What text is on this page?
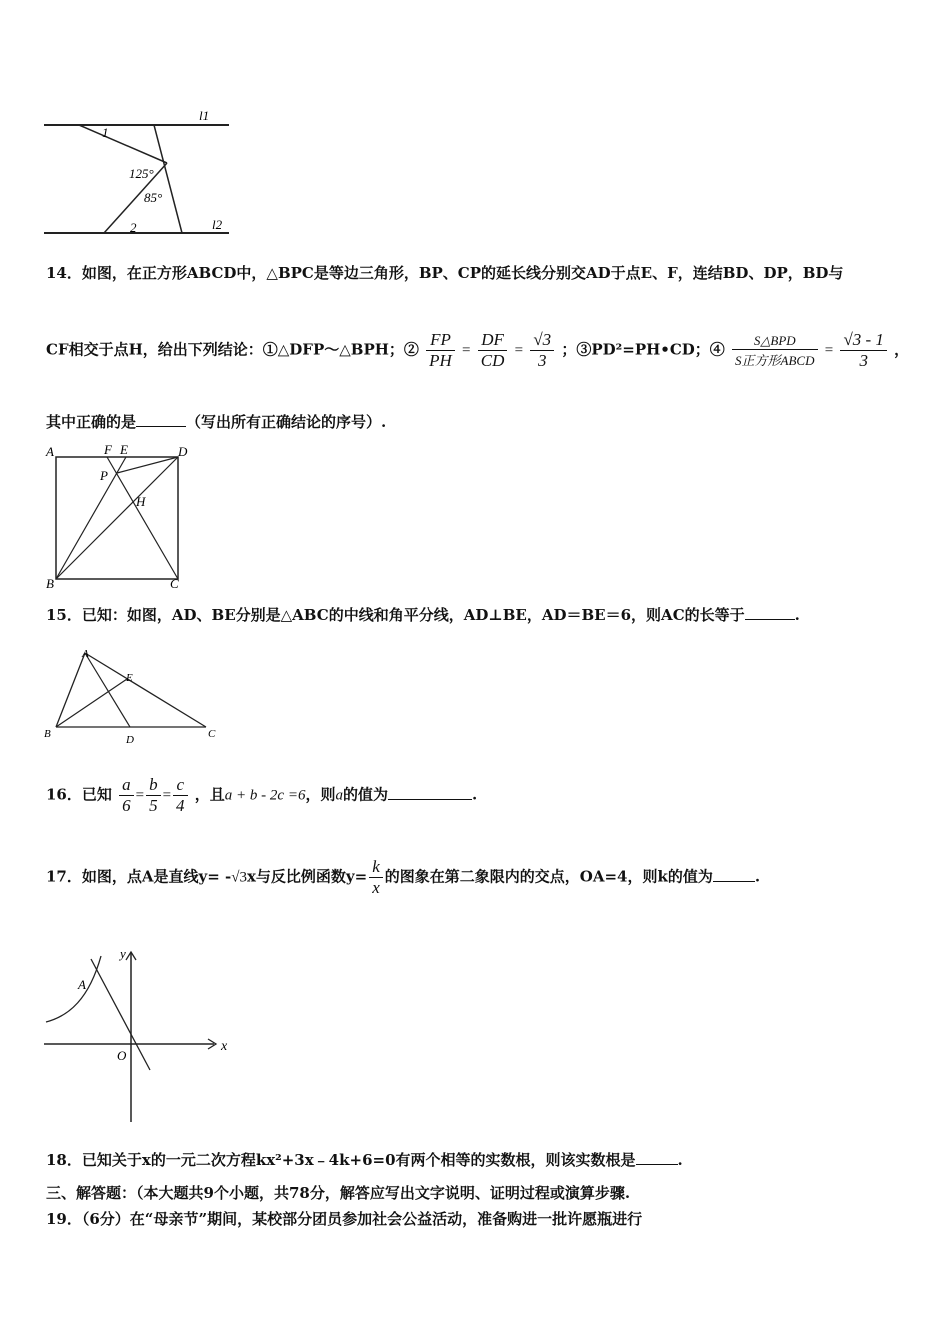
l1
l2
1
2
125°
85°
14．如图，在正方形ABCD中，△BPC是等边三角形，BP、CP的延长线分别交AD于点E、F，连结BD、DP，BD与
CF相交于点H，给出下列结论：①△DFP～△BPH；② $\frac{FP}{PH} = \frac{DF}{CD} = \frac{√3}{3}$ ；③PD²=PH•CD；④ $\frac{\text{S△BPD}}{\text{S正方形ABCD}} = \frac{√3 - 1}{3}$ ，
其中正确的是	（写出所有正确结论的序号）.
A	F E	D
P
H
B	C
15．已知：如图，AD、BE分别是△ABC的中线和角平分线，AD⊥BE，AD＝BE＝6，则AC的长等于	.
A
E
B	D	C
16．已知 $\frac{a}{6} = \frac{b}{5} = \frac{c}{4}$ ，且a + b - 2c =6，则a的值为	.
17．如图，点A是直线y= -√3x与反比例函数$y= \frac{k}{x}$ 的图象在第二象限内的交点，OA=4，则k的值为	.
y
x
A
O
18．已知关于x的一元二次方程kx²+3x﹣4k+6=0有两个相等的实数根，则该实数根是	.
三、解答题：（本大题共9个小题，共78分，解答应写出文字说明、证明过程或演算步骤.
19．（6分）在“母亲节”期间，某校部分团员参加社会公益活动，准备购进一批许愿瓶进行
